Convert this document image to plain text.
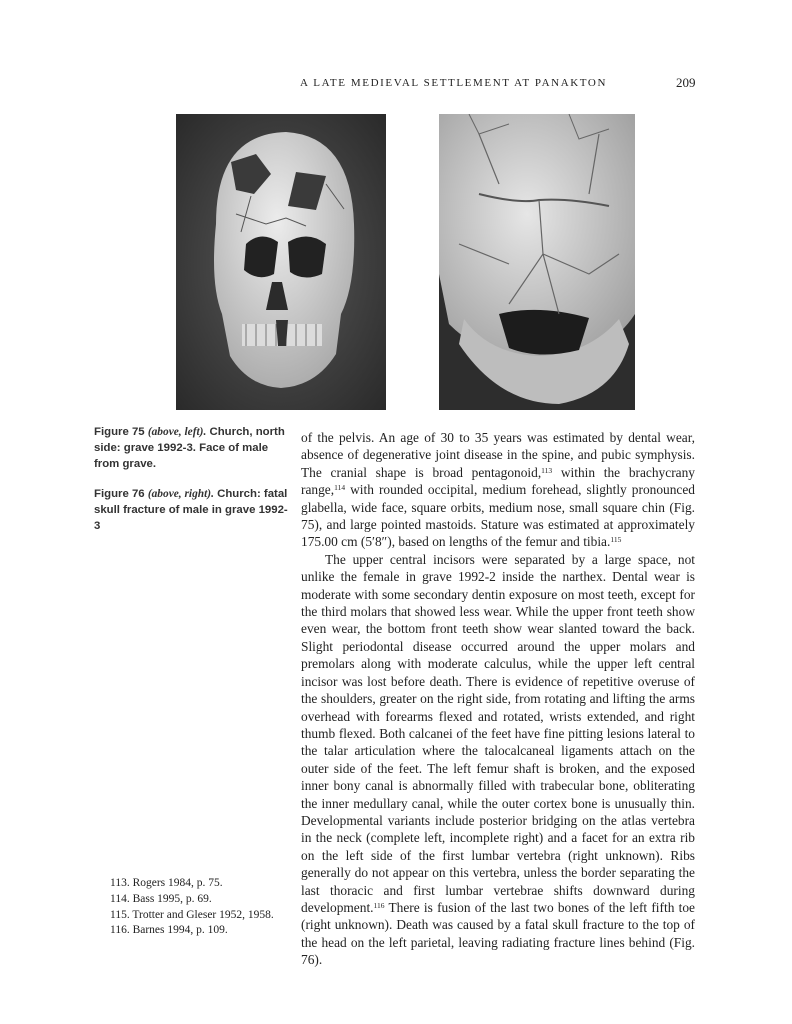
A LATE MEDIEVAL SETTLEMENT AT PANAKTON	209

Figure 75 (above, left). Church, north side: grave 1992-3. Face of male from grave.

Figure 76 (above, right). Church: fatal skull fracture of male in grave 1992-3

of the pelvis. An age of 30 to 35 years was estimated by dental wear, absence of degenerative joint disease in the spine, and pubic symphysis. The cranial shape is broad pentagonoid,$^{113}$ within the brachycrany range,$^{114}$ with rounded occipital, medium forehead, slightly pronounced glabella, wide face, square orbits, medium nose, small square chin (Fig. 75), and large pointed mastoids. Stature was estimated at approximately 175.00 cm (5′8″), based on lengths of the femur and tibia.$^{115}$

The upper central incisors were separated by a large space, not unlike the female in grave 1992-2 inside the narthex. Dental wear is moderate with some secondary dentin exposure on most teeth, except for the third molars that showed less wear. While the upper front teeth show even wear, the bottom front teeth show wear slanted toward the back. Slight periodontal disease occurred around the upper molars and premolars along with moderate calculus, while the upper left central incisor was lost before death. There is evidence of repetitive overuse of the shoulders, greater on the right side, from rotating and lifting the arms overhead with forearms flexed and rotated, wrists extended, and right thumb flexed. Both calcanei of the feet have fine pitting lesions lateral to the talar articulation where the talocalcaneal ligaments attach on the outer side of the feet. The left femur shaft is broken, and the exposed inner bony canal is abnormally filled with trabecular bone, obliterating the inner medullary canal, while the outer cortex bone is unusually thin. Developmental variants include posterior bridging on the atlas vertebra in the neck (complete left, incomplete right) and a facet for an extra rib on the left side of the first lumbar vertebra (right unknown). Ribs generally do not appear on this vertebra, unless the border separating the last thoracic and first lumbar vertebrae shifts downward during development.$^{116}$ There is fusion of the last two bones of the left fifth toe (right unknown). Death was caused by a fatal skull fracture to the top of the head on the left parietal, leaving radiating fracture lines behind (Fig. 76).

113. Rogers 1984, p. 75.

114. Bass 1995, p. 69.

115. Trotter and Gleser 1952, 1958.

116. Barnes 1994, p. 109.
